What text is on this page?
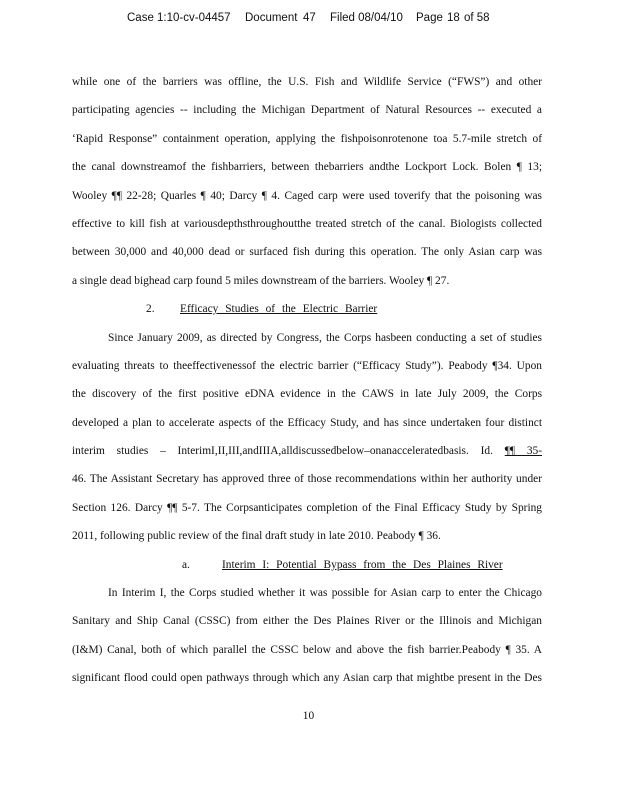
Case 1:10-cv-04457 Document 47 Filed 08/04/10 Page 18 of 58
while one of the barriers was offline, the U.S. Fish and Wildlife Service (“FWS”) and other
participating agencies -- including the Michigan Department of Natural Resources -- executed a
‘Rapid Response” containment operation, applying the fishpoisonrotenone toa 5.7-mile stretch of
the canal downstreamof the fishbarriers, between thebarriers andthe Lockport Lock. Bolen ¶ 13;
Wooley ¶¶ 22-28; Quarles ¶ 40; Darcy ¶ 4. Caged carp were used toverify that the poisoning was
effective to kill fish at variousdepthsthroughoutthe treated stretch of the canal. Biologists collected
between 30,000 and 40,000 dead or surfaced fish during this operation. The only Asian carp was
a single dead bighead carp found 5 miles downstream of the barriers. Wooley ¶ 27.
2. Efficacy Studies of the Electric Barrier
Since January 2009, as directed by Congress, the Corps hasbeen conducting a set of studies
evaluating threats to theeffectivenessof the electric barrier (“Efficacy Study”). Peabody ¶34. Upon
the discovery of the first positive eDNA evidence in the CAWS in late July 2009, the Corps
developed a plan to accelerate aspects of the Efficacy Study, and has since undertaken four distinct
interim studies – InterimI,II,III,andIIIA,alldiscussedbelow–onanacceleratedbasis. Id. ¶¶ 35-
46. The Assistant Secretary has approved three of those recommendations within her authority under
Section 126. Darcy ¶¶ 5-7. The Corpsanticipates completion of the Final Efficacy Study by Spring
2011, following public review of the final draft study in late 2010. Peabody ¶ 36.
a.	Interim I: Potential Bypass from the Des Plaines River
In Interim I, the Corps studied whether it was possible for Asian carp to enter the Chicago
Sanitary and Ship Canal (CSSC) from either the Des Plaines River or the Illinois and Michigan
(I&M) Canal, both of which parallel the CSSC below and above the fish barrier.Peabody ¶ 35. A
significant flood could open pathways through which any Asian carp that mightbe present in the Des
10
